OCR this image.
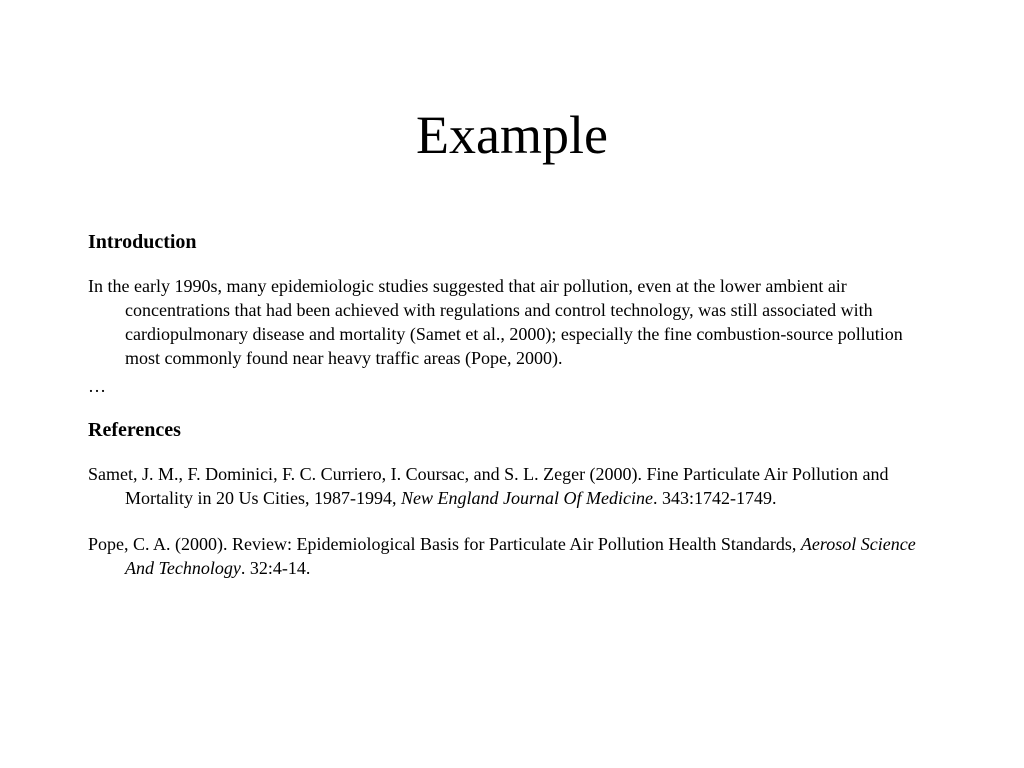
Example
Introduction

In the early 1990s, many epidemiologic studies suggested that air pollution, even at the lower ambient air concentrations that had been achieved with regulations and control technology, was still associated with cardiopulmonary disease and mortality (Samet et al., 2000); especially the fine combustion-source pollution most commonly found near heavy traffic areas (Pope, 2000).

…

References

Samet, J. M., F. Dominici, F. C. Curriero, I. Coursac, and S. L. Zeger (2000). Fine Particulate Air Pollution and Mortality in 20 Us Cities, 1987-1994, New England Journal Of Medicine. 343:1742-1749.

Pope, C. A. (2000). Review: Epidemiological Basis for Particulate Air Pollution Health Standards, Aerosol Science And Technology. 32:4-14.
